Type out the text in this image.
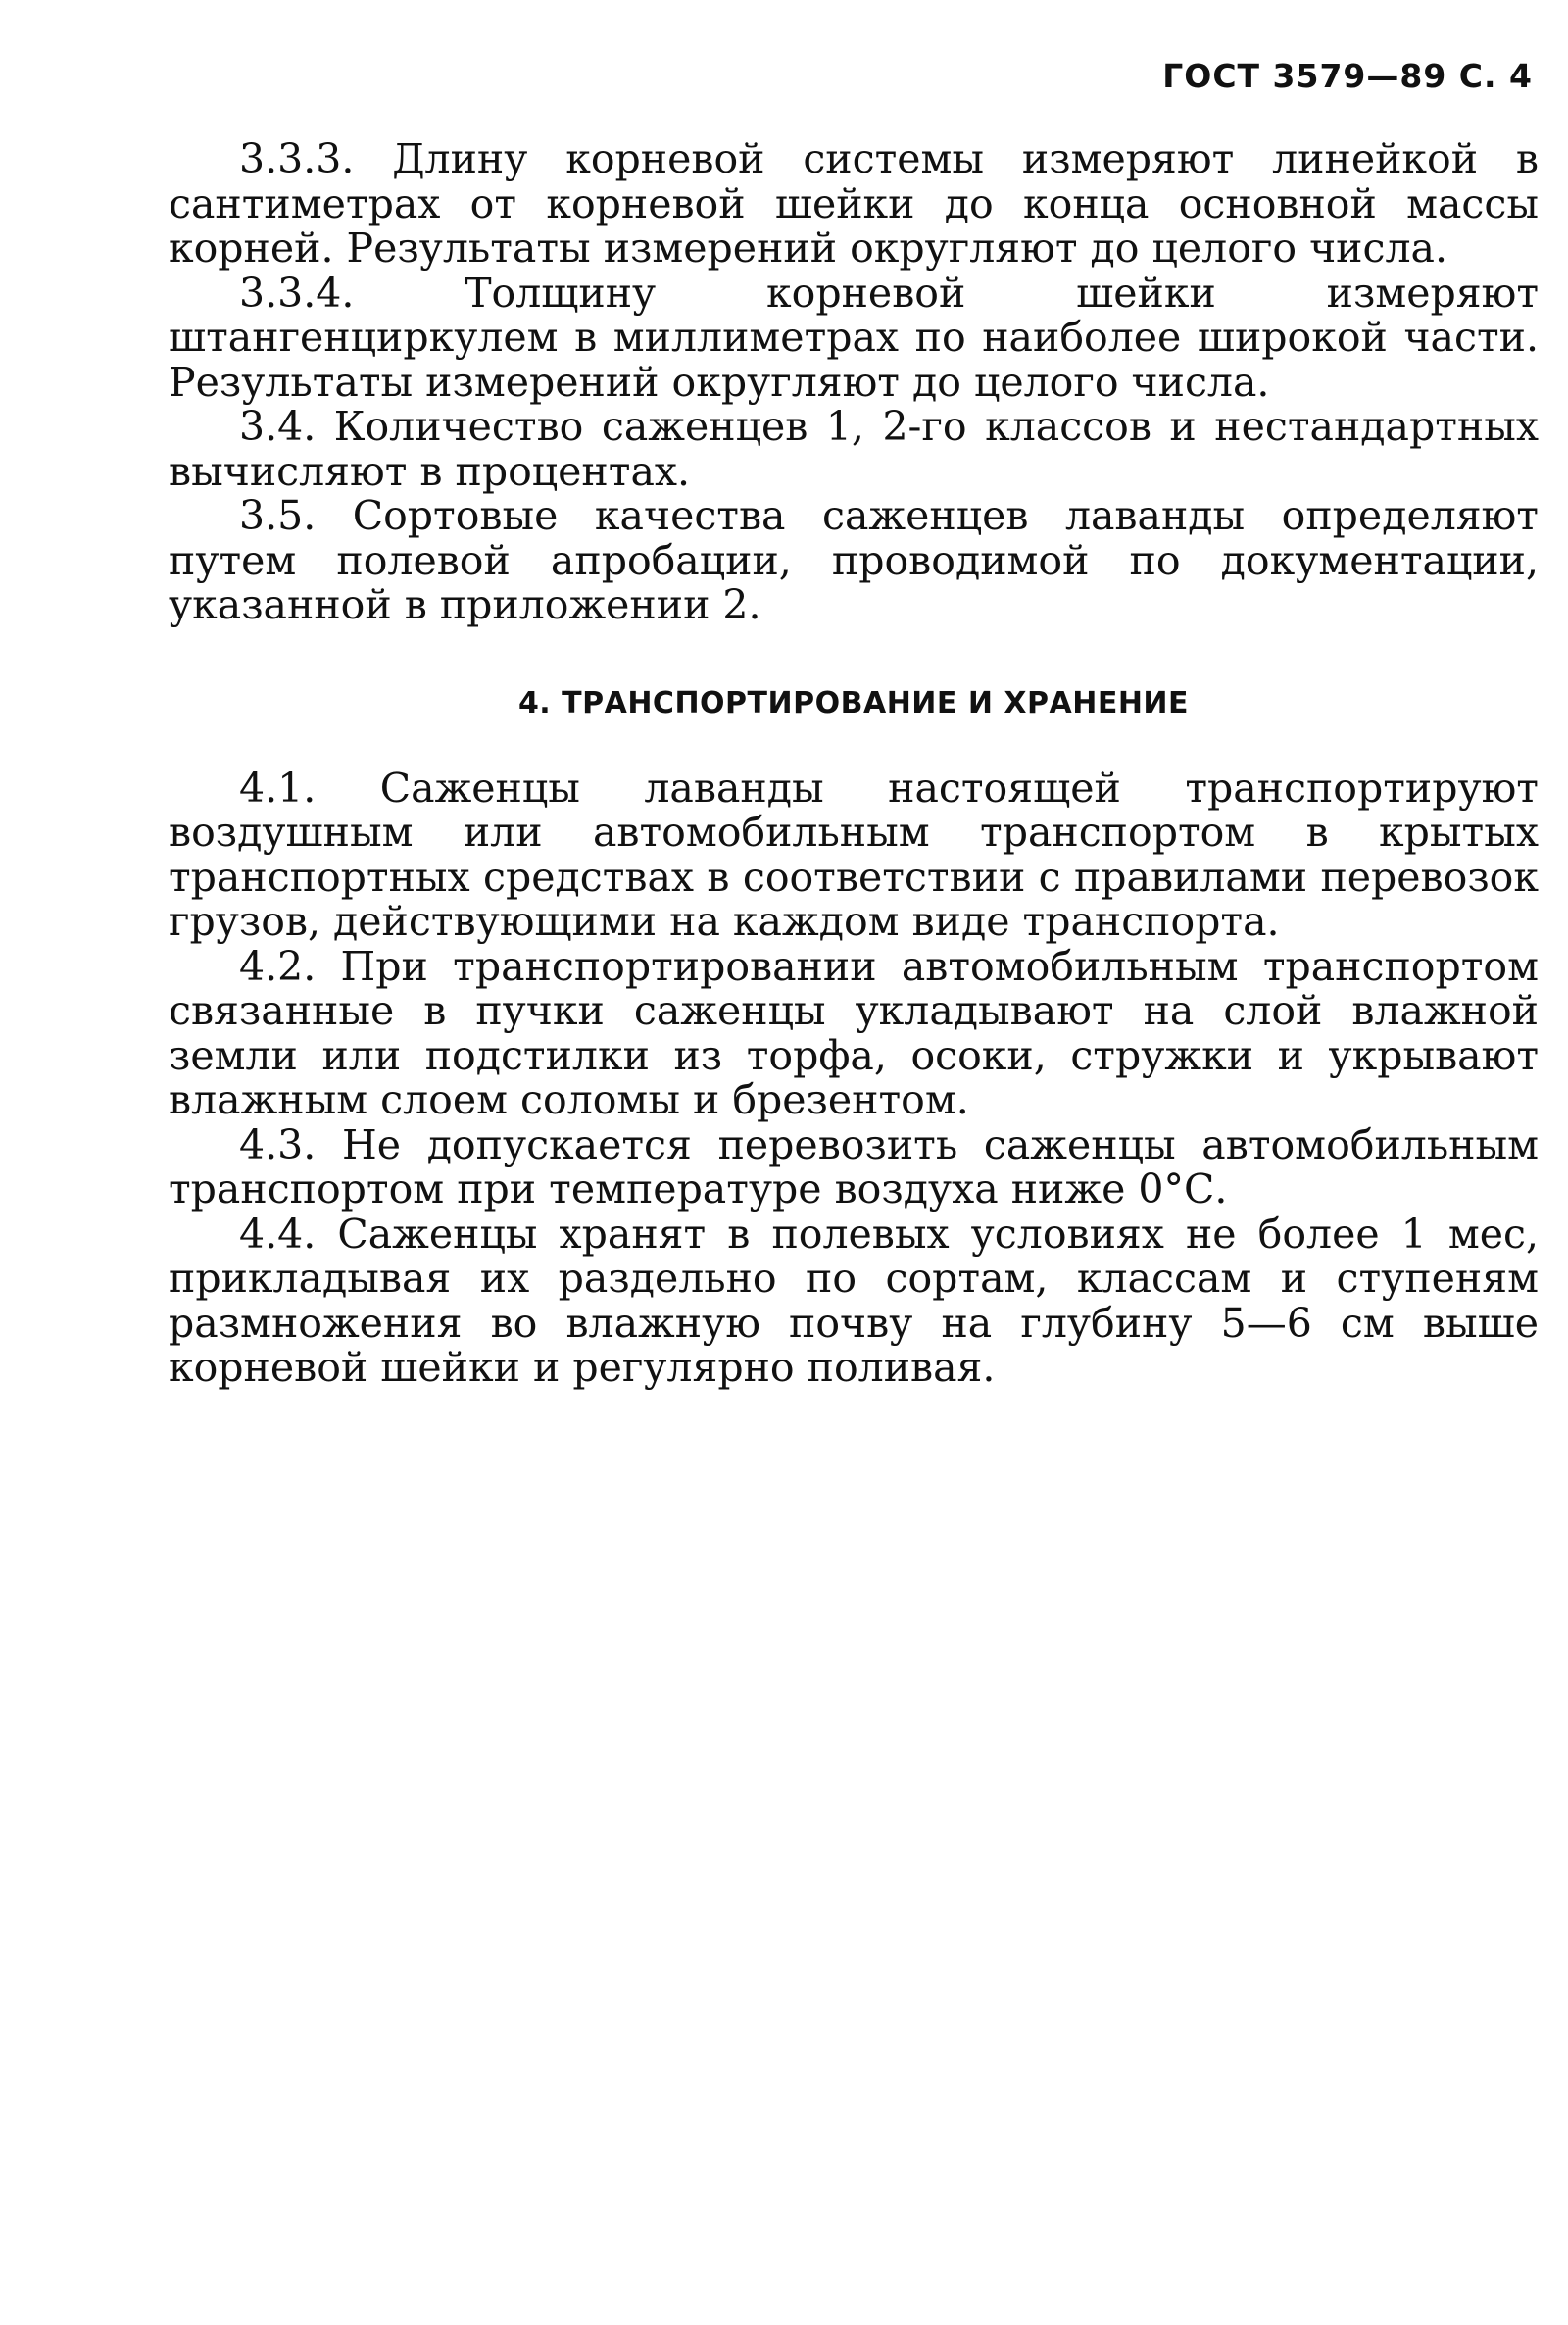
ГОСТ 3579—89 С. 4

3.3.3. Длину корневой системы измеряют линейкой в сантиметрах от корневой шейки до конца основной массы корней. Результаты измерений округляют до целого числа.

3.3.4. Толщину корневой шейки измеряют штангенциркулем в миллиметрах по наиболее широкой части. Результаты измерений округляют до целого числа.

3.4. Количество саженцев 1, 2-го классов и нестандартных вычисляют в процентах.

3.5. Сортовые качества саженцев лаванды определяют путем полевой апробации, проводимой по документации, указанной в приложении 2.

4. ТРАНСПОРТИРОВАНИЕ И ХРАНЕНИЕ

4.1. Саженцы лаванды настоящей транспортируют воздушным или автомобильным транспортом в крытых транспортных средствах в соответствии с правилами перевозок грузов, действующими на каждом виде транспорта.

4.2. При транспортировании автомобильным транспортом связанные в пучки саженцы укладывают на слой влажной земли или подстилки из торфа, осоки, стружки и укрывают влажным слоем соломы и брезентом.

4.3. Не допускается перевозить саженцы автомобильным транспортом при температуре воздуха ниже 0°С.

4.4. Саженцы хранят в полевых условиях не более 1 мес, прикладывая их раздельно по сортам, классам и ступеням размножения во влажную почву на глубину 5—6 см выше корневой шейки и регулярно поливая.
